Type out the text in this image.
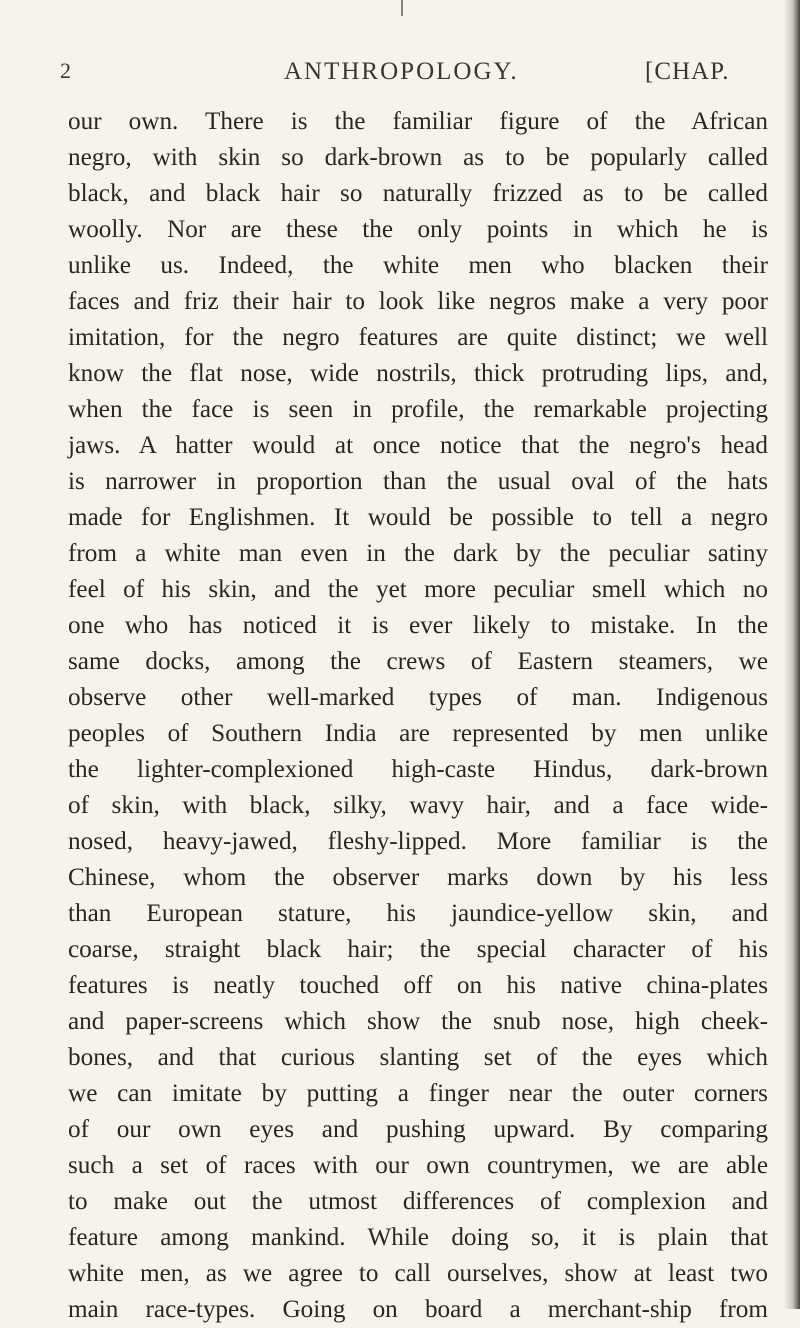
2	ANTHROPOLOGY.	[CHAP.
our own. There is the familiar figure of the African
negro, with skin so dark-brown as to be popularly called
black, and black hair so naturally frizzed as to be called
woolly. Nor are these the only points in which he is
unlike us. Indeed, the white men who blacken their
faces and friz their hair to look like negros make a very poor
imitation, for the negro features are quite distinct; we well
know the flat nose, wide nostrils, thick protruding lips, and,
when the face is seen in profile, the remarkable projecting
jaws. A hatter would at once notice that the negro's head
is narrower in proportion than the usual oval of the hats
made for Englishmen. It would be possible to tell a negro
from a white man even in the dark by the peculiar satiny
feel of his skin, and the yet more peculiar smell which no
one who has noticed it is ever likely to mistake. In the
same docks, among the crews of Eastern steamers, we
observe other well-marked types of man. Indigenous
peoples of Southern India are represented by men unlike
the lighter-complexioned high-caste Hindus, dark-brown
of skin, with black, silky, wavy hair, and a face wide-
nosed, heavy-jawed, fleshy-lipped. More familiar is the
Chinese, whom the observer marks down by his less
than European stature, his jaundice-yellow skin, and
coarse, straight black hair; the special character of his
features is neatly touched off on his native china-plates
and paper-screens which show the snub nose, high cheek-
bones, and that curious slanting set of the eyes which
we can imitate by putting a finger near the outer corners
of our own eyes and pushing upward. By comparing
such a set of races with our own countrymen, we are able
to make out the utmost differences of complexion and
feature among mankind. While doing so, it is plain that
white men, as we agree to call ourselves, show at least two
main race-types. Going on board a merchant-ship from
